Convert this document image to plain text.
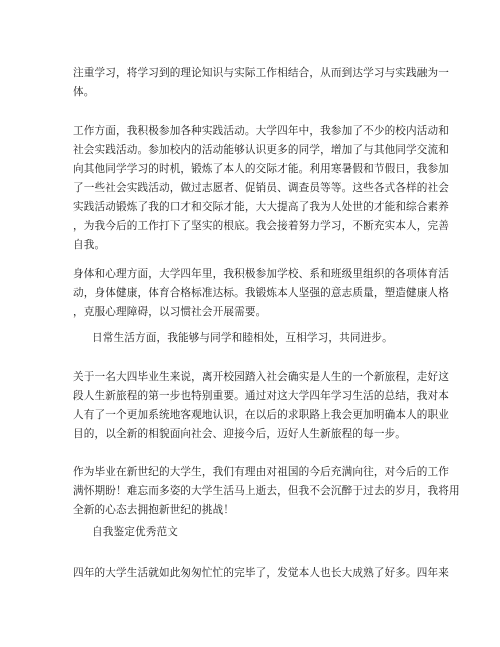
注重学习，将学习到的理论知识与实际工作相结合，从而到达学习与实践融为一
体。
工作方面，我积极参加各种实践活动。大学四年中，我参加了不少的校内活动和
社会实践活动。参加校内的活动能够认识更多的同学，增加了与其他同学交流和
向其他同学学习的时机，锻炼了本人的交际才能。利用寒暑假和节假日，我参加
了一些社会实践活动，做过志愿者、促销员、调查员等等。这些各式各样的社会
实践活动锻炼了我的口才和交际才能，大大提高了我为人处世的才能和综合素养
，为我今后的工作打下了坚实的根底。我会接着努力学习，不断充实本人，完善
自我。
身体和心理方面，大学四年里，我积极参加学校、系和班级里组织的各项体育活
动，身体健康，体育合格标准达标。我锻炼本人坚强的意志质量，塑造健康人格
，克服心理障碍，以习惯社会开展需要。
日常生活方面，我能够与同学和睦相处，互相学习，共同进步。
关于一名大四毕业生来说，离开校园踏入社会确实是人生的一个新旅程，走好这
段人生新旅程的第一步也特别重要。通过对这大学四年学习生活的总结，我对本
人有了一个更加系统地客观地认识，在以后的求职路上我会更加明确本人的职业
目的，以全新的相貌面向社会、迎接今后，迈好人生新旅程的每一步。
作为毕业在新世纪的大学生，我们有理由对祖国的今后充满向往，对今后的工作
满怀期盼！难忘而多姿的大学生活马上逝去，但我不会沉醉于过去的岁月，我将用
全新的心态去拥抱新世纪的挑战！
自我鉴定优秀范文
四年的大学生活就如此匆匆忙忙的完毕了，发觉本人也长大成熟了好多。四年来
